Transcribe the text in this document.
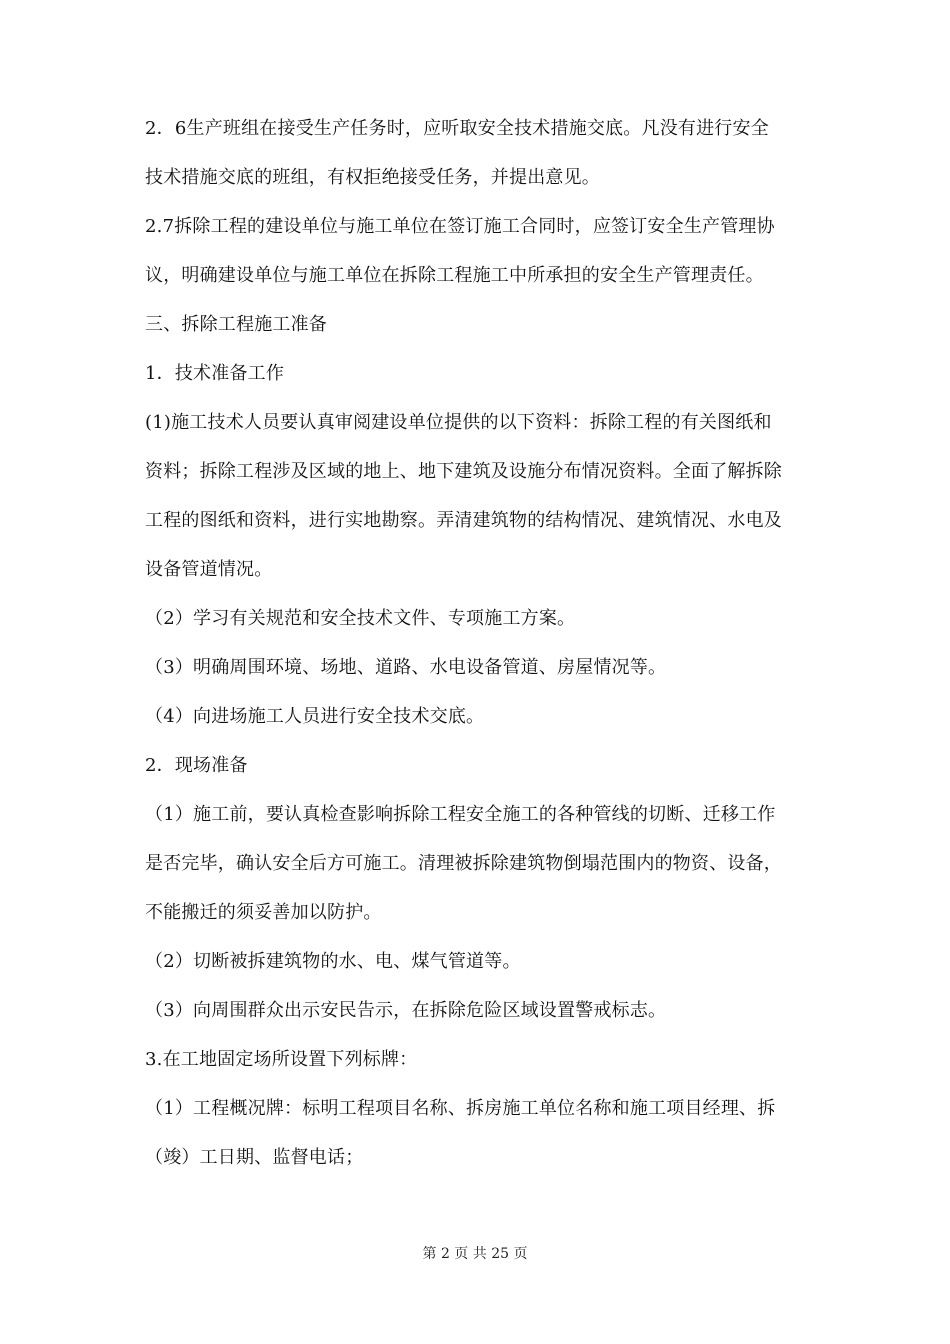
2．6生产班组在接受生产任务时，应听取安全技术措施交底。凡没有进行安全
技术措施交底的班组，有权拒绝接受任务，并提出意见。

2.7拆除工程的建设单位与施工单位在签订施工合同时，应签订安全生产管理协
议，明确建设单位与施工单位在拆除工程施工中所承担的安全生产管理责任。

三、拆除工程施工准备

1．技术准备工作

(1)施工技术人员要认真审阅建设单位提供的以下资料：拆除工程的有关图纸和
资料；拆除工程涉及区域的地上、地下建筑及设施分布情况资料。全面了解拆除
工程的图纸和资料，进行实地勘察。弄清建筑物的结构情况、建筑情况、水电及
设备管道情况。

（2）学习有关规范和安全技术文件、专项施工方案。

（3）明确周围环境、场地、道路、水电设备管道、房屋情况等。

（4）向进场施工人员进行安全技术交底。

2．现场准备

（1）施工前，要认真检查影响拆除工程安全施工的各种管线的切断、迁移工作
是否完毕，确认安全后方可施工。清理被拆除建筑物倒塌范围内的物资、设备，
不能搬迁的须妥善加以防护。

（2）切断被拆建筑物的水、电、煤气管道等。

（3）向周围群众出示安民告示，在拆除危险区域设置警戒标志。

3.在工地固定场所设置下列标牌：

（1）工程概况牌：标明工程项目名称、拆房施工单位名称和施工项目经理、拆
（竣）工日期、监督电话；

第 2 页 共 25 页
